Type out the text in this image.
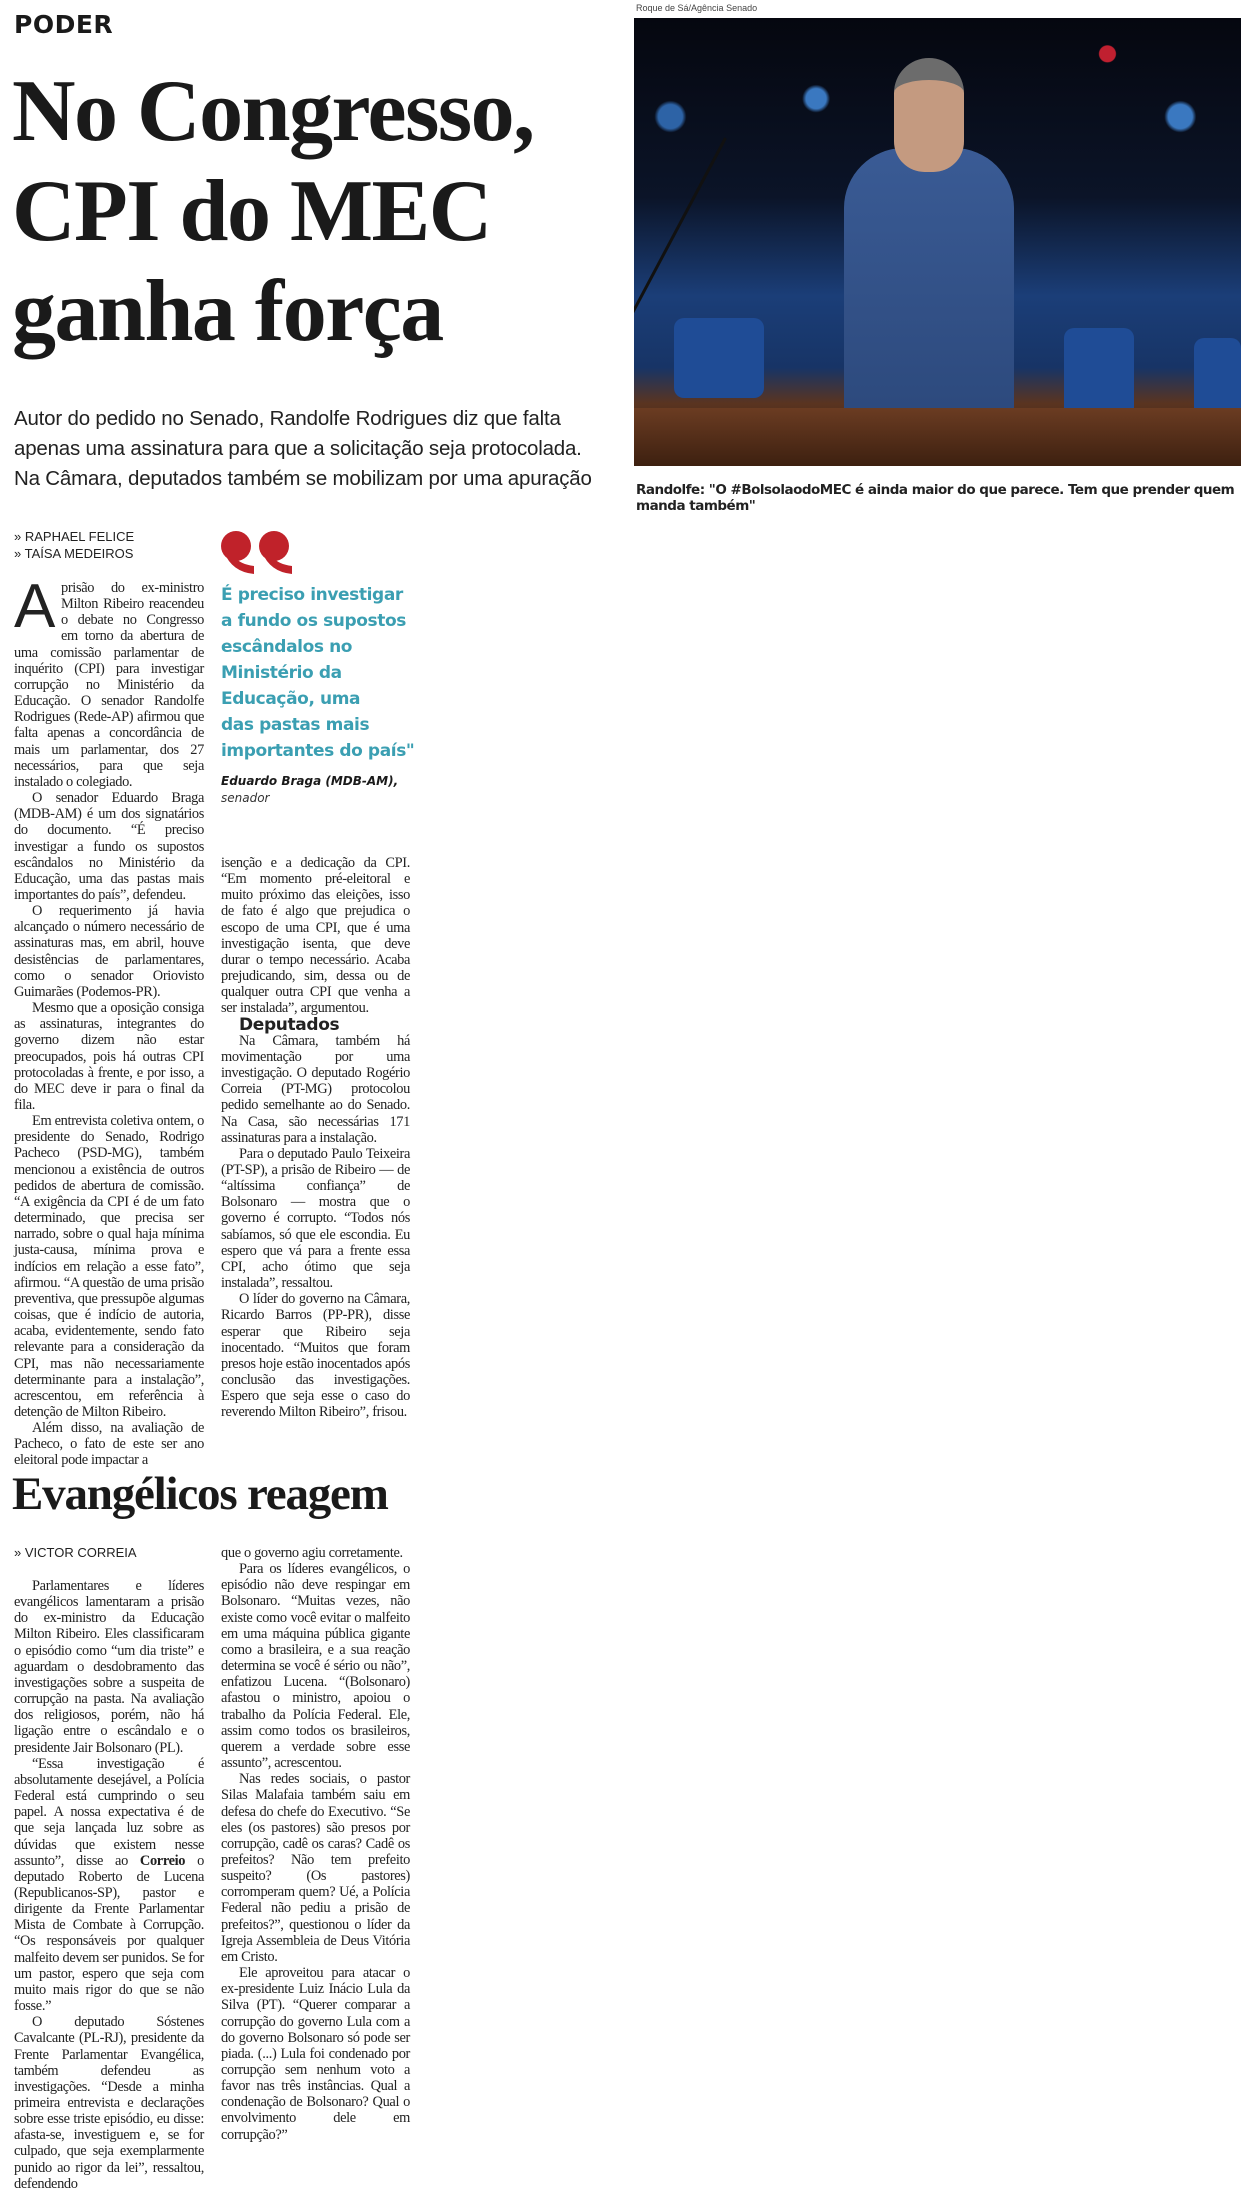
PODER
No Congresso,
CPI do MEC
ganha força
Autor do pedido no Senado, Randolfe Rodrigues diz que falta
apenas uma assinatura para que a solicitação seja protocolada.
Na Câmara, deputados também se mobilizam por uma apuração
Roque de Sá/Agência Senado
Randolfe: "O #BolsolaodoMEC é ainda maior do que parece. Tem que prender quem manda também"
» RAPHAEL FELICE
» TAÍSA MEDEIROS

Aprisão do ex-ministro Milton Ribeiro reacendeu o debate no Congresso em torno da abertura de uma comissão parlamentar de inquérito (CPI) para investigar corrupção no Ministério da Educação. O senador Randolfe Rodrigues (Rede-AP) afirmou que falta apenas a concordância de mais um parlamentar, dos 27 necessários, para que seja instalado o colegiado.

O senador Eduardo Braga (MDB-AM) é um dos signatários do documento. “É preciso investigar a fundo os supostos escândalos no Ministério da Educação, uma das pastas mais importantes do país”, defendeu.

O requerimento já havia alcançado o número necessário de assinaturas mas, em abril, houve desistências de parlamentares, como o senador Oriovisto Guimarães (Podemos-PR).

Mesmo que a oposição consiga as assinaturas, integrantes do governo dizem não estar preocupados, pois há outras CPI protocoladas à frente, e por isso, a do MEC deve ir para o final da fila.

Em entrevista coletiva ontem, o presidente do Senado, Rodrigo Pacheco (PSD-MG), também mencionou a existência de outros pedidos de abertura de comissão. “A exigência da CPI é de um fato determinado, que precisa ser narrado, sobre o qual haja mínima justa-causa, mínima prova e indícios em relação a esse fato”, afirmou. “A questão de uma prisão preventiva, que pressupõe algumas coisas, que é indício de autoria, acaba, evidentemente, sendo fato relevante para a consideração da CPI, mas não necessariamente determinante para a instalação”, acrescentou, em referência à detenção de Milton Ribeiro.

Além disso, na avaliação de Pacheco, o fato de este ser ano eleitoral pode impactar a

É preciso investigar
a fundo os supostos
escândalos no
Ministério da
Educação, uma
das pastas mais
importantes do país"
Eduardo Braga (MDB-AM),
senador

isenção e a dedicação da CPI. “Em momento pré-eleitoral e muito próximo das eleições, isso de fato é algo que prejudica o escopo de uma CPI, que é uma investigação isenta, que deve durar o tempo necessário. Acaba prejudicando, sim, dessa ou de qualquer outra CPI que venha a ser instalada”, argumentou.

Deputados

Na Câmara, também há movimentação por uma investigação. O deputado Rogério Correia (PT-MG) protocolou pedido semelhante ao do Senado. Na Casa, são necessárias 171 assinaturas para a instalação.

Para o deputado Paulo Teixeira (PT-SP), a prisão de Ribeiro — de “altíssima confiança” de Bolsonaro — mostra que o governo é corrupto. “Todos nós sabíamos, só que ele escondia. Eu espero que vá para a frente essa CPI, acho ótimo que seja instalada”, ressaltou.

O líder do governo na Câmara, Ricardo Barros (PP-PR), disse esperar que Ribeiro seja inocentado. “Muitos que foram presos hoje estão inocentados após conclusão das investigações. Espero que seja esse o caso do reverendo Milton Ribeiro”, frisou.

Evangélicos reagem
» VICTOR CORREIA

Parlamentares e líderes evangélicos lamentaram a prisão do ex-ministro da Educação Milton Ribeiro. Eles classificaram o episódio como “um dia triste” e aguardam o desdobramento das investigações sobre a suspeita de corrupção na pasta. Na avaliação dos religiosos, porém, não há ligação entre o escândalo e o presidente Jair Bolsonaro (PL).

“Essa investigação é absolutamente desejável, a Polícia Federal está cumprindo o seu papel. A nossa expectativa é de que seja lançada luz sobre as dúvidas que existem nesse assunto”, disse ao Correio o deputado Roberto de Lucena (Republicanos-SP), pastor e dirigente da Frente Parlamentar Mista de Combate à Corrupção. “Os responsáveis por qualquer malfeito devem ser punidos. Se for um pastor, espero que seja com muito mais rigor do que se não fosse.”

O deputado Sóstenes Cavalcante (PL-RJ), presidente da Frente Parlamentar Evangélica, também defendeu as investigações. “Desde a minha primeira entrevista e declarações sobre esse triste episódio, eu disse: afasta-se, investiguem e, se for culpado, que seja exemplarmente punido ao rigor da lei”, ressaltou, defendendo

que o governo agiu corretamente.

Para os líderes evangélicos, o episódio não deve respingar em Bolsonaro. “Muitas vezes, não existe como você evitar o malfeito em uma máquina pública gigante como a brasileira, e a sua reação determina se você é sério ou não”, enfatizou Lucena. “(Bolsonaro) afastou o ministro, apoiou o trabalho da Polícia Federal. Ele, assim como todos os brasileiros, querem a verdade sobre esse assunto”, acrescentou.

Nas redes sociais, o pastor Silas Malafaia também saiu em defesa do chefe do Executivo. “Se eles (os pastores) são presos por corrupção, cadê os caras? Cadê os prefeitos? Não tem prefeito suspeito? (Os pastores) corromperam quem? Ué, a Polícia Federal não pediu a prisão de prefeitos?”, questionou o líder da Igreja Assembleia de Deus Vitória em Cristo.

Ele aproveitou para atacar o ex-presidente Luiz Inácio Lula da Silva (PT). “Querer comparar a corrupção do governo Lula com a do governo Bolsonaro só pode ser piada. (...) Lula foi condenado por corrupção sem nenhum voto a favor nas três instâncias. Qual a condenação de Bolsonaro? Qual o envolvimento dele em corrupção?”
